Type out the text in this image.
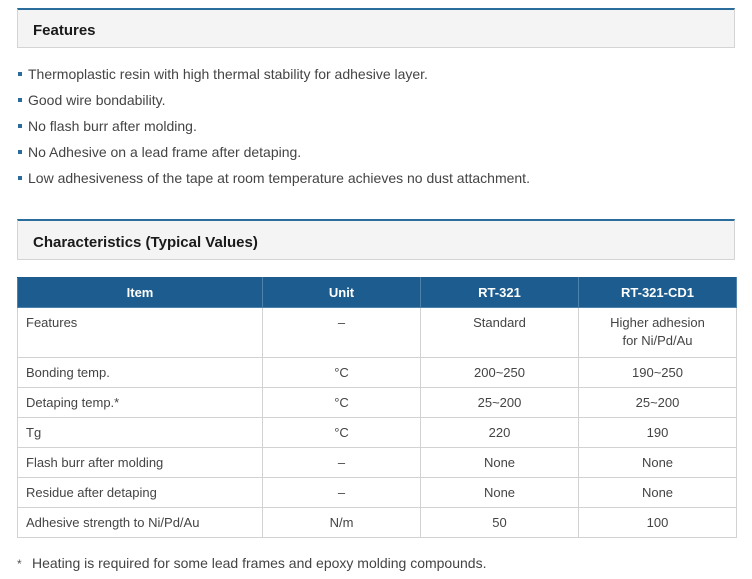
Features
Thermoplastic resin with high thermal stability for adhesive layer.
Good wire bondability.
No flash burr after molding.
No Adhesive on a lead frame after detaping.
Low adhesiveness of the tape at room temperature achieves no dust attachment.
Characteristics (Typical Values)
Item	Unit	RT-321	RT-321-CD1
Features	–	Standard	Higher adhesion
for Ni/Pd/Au
Bonding temp.	°C	200~250	190~250
Detaping temp.*	°C	25~200	25~200
Tg	°C	220	190
Flash burr after molding	–	None	None
Residue after detaping	–	None	None
Adhesive strength to Ni/Pd/Au	N/m	50	100
* Heating is required for some lead frames and epoxy molding compounds.
